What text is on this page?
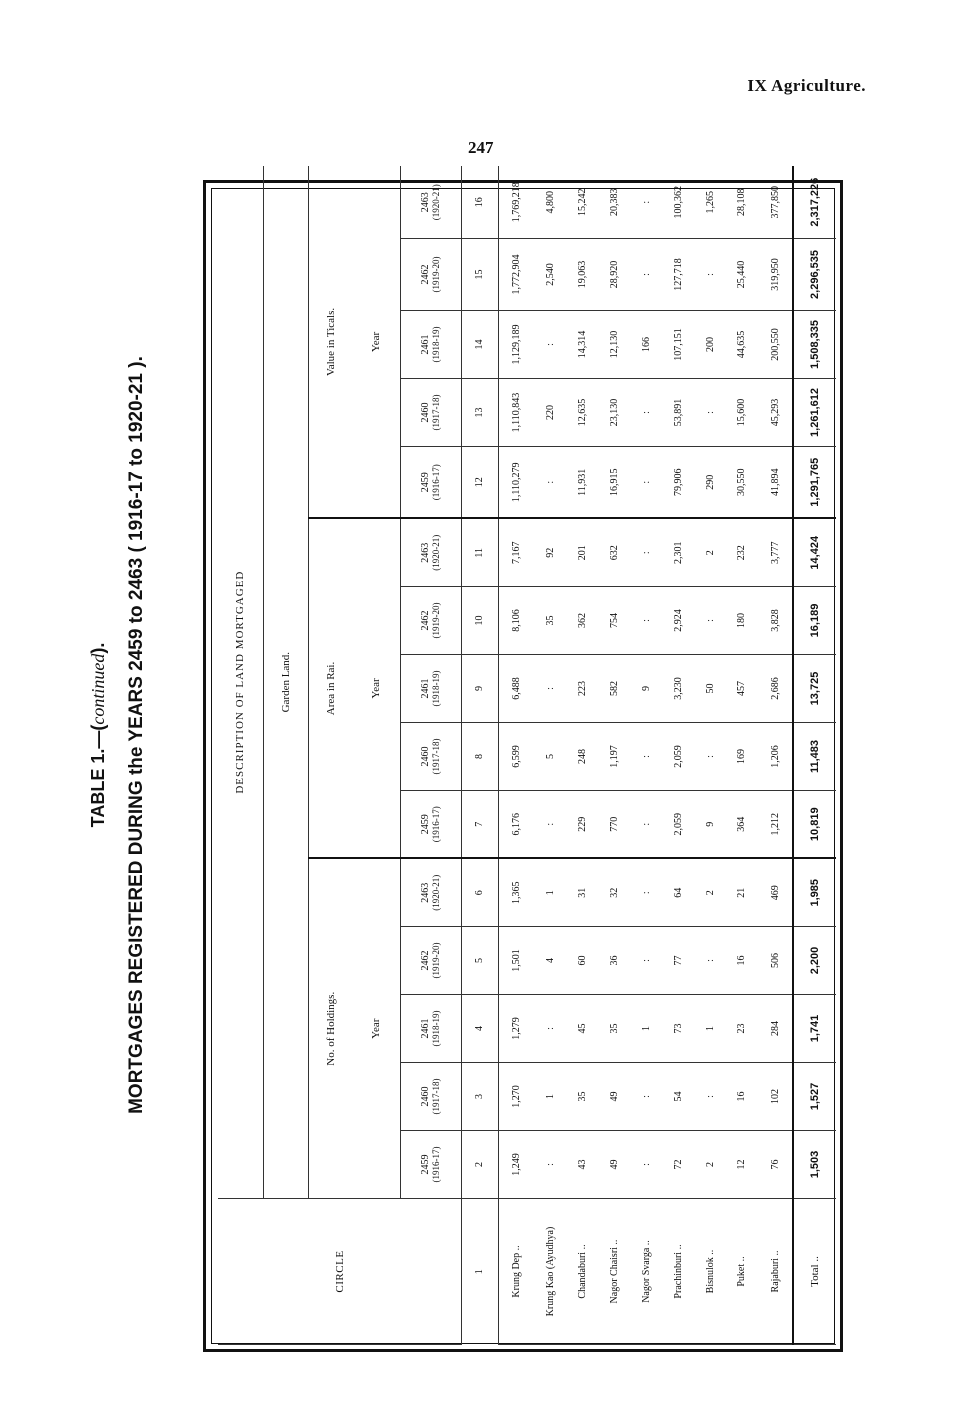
IX Agriculture.
247
TABLE 1.—(continued). MORTGAGES REGISTERED DURING the YEARS 2459 to 2463 ( 1916-17 to 1920-21 ).
CIRCLE	DESCRIPTION OF LAND MORTGAGED														
	Garden Land.														
	No. of Holdings.					Area in Rai.					Value in Ticals.				
	Year					Year					Year				
	2459
(1916-17)	2460
(1917-18)	2461
(1918-19)	2462
(1919-20)	2463
(1920-21)	2459
(1916-17)	2460
(1917-18)	2461
(1918-19)	2462
(1919-20)	2463
(1920-21)	2459
(1916-17)	2460
(1917-18)	2461
(1918-19)	2462
(1919-20)	2463
(1920-21)
1	2	3	4	5	6	7	8	9	10	11	12	13	14	15	16
Krung Dep ..	1,249	1,270	1,279	1,501	1,365	6,176	6,599	6,488	8,106	7,167	1,110,279	1,110,843	1,129,189	1,772,904	1,769,218
Krung Kao (Ayudhya)	:	1	:	4	1	:	5	:	35	92	:	220	:	2,540	4,800
Chandaburi ..	43	35	45	60	31	229	248	223	362	201	11,931	12,635	14,314	19,063	15,242
Nagor Chaisri ..	49	49	35	36	32	770	1,197	582	754	632	16,915	23,130	12,130	28,920	20,383
Nagor Svarga ..	:	:	1	:	:	:	:	9	:	:	:	:	166	:	:
Prachinburi ..	72	54	73	77	64	2,059	2,059	3,230	2,924	2,301	79,906	53,891	107,151	127,718	100,362
Bisnulok ..	2	:	1	:	2	9	:	50	:	2	290	:	200	:	1,265
Puket ..	12	16	23	16	21	364	169	457	180	232	30,550	15,600	44,635	25,440	28,108
Rajaburi ..	76	102	284	506	469	1,212	1,206	2,686	3,828	3,777	41,894	45,293	200,550	319,950	377,850
Total ..	1,503	1,527	1,741	2,200	1,985	10,819	11,483	13,725	16,189	14,424	1,291,765	1,261,612	1,508,335	2,296,535	2,317,226
